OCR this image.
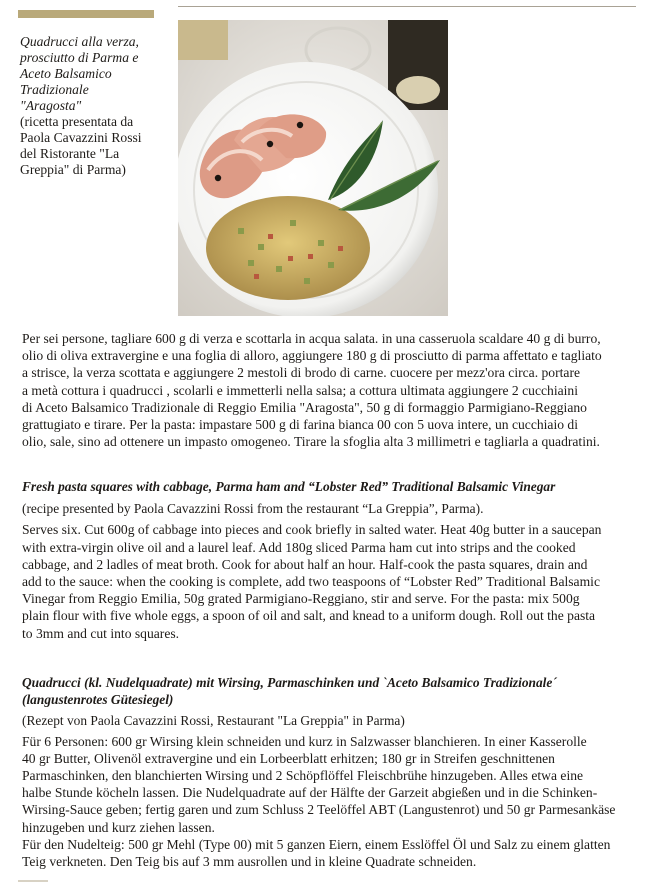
Quadrucci alla verza,
prosciutto di Parma e
Aceto Balsamico
Tradizionale
"Aragosta"
(ricetta presentata da
Paola Cavazzini Rossi
del Ristorante "La
Greppia" di Parma)
Per sei persone, tagliare 600 g di verza e scottarla in acqua salata. in una casseruola scaldare 40 g di burro,
olio di oliva extravergine e una foglia di alloro, aggiungere 180 g di prosciutto di parma affettato e tagliato
a strisce, la verza scottata e aggiungere 2 mestoli di brodo di carne. cuocere per mezz'ora circa. portare
a metà cottura i quadrucci , scolarli e immetterli nella salsa; a cottura ultimata aggiungere 2 cucchiaini
di Aceto Balsamico Tradizionale di Reggio Emilia "Aragosta", 50 g di formaggio Parmigiano-Reggiano
grattugiato e tirare. Per la pasta: impastare 500 g di farina bianca 00 con 5 uova intere, un cucchiaio di
olio, sale, sino ad ottenere un impasto omogeneo. Tirare la sfoglia alta 3 millimetri e tagliarla a quadratini.
Fresh pasta squares with cabbage, Parma ham and “Lobster Red” Traditional Balsamic Vinegar
(recipe presented by Paola Cavazzini Rossi from the restaurant “La Greppia”, Parma).
Serves six. Cut 600g of cabbage into pieces and cook briefly in salted water. Heat 40g butter in a saucepan
with extra-virgin olive oil and a laurel leaf. Add 180g sliced Parma ham cut into strips and the cooked
cabbage, and 2 ladles of meat broth. Cook for about half an hour. Half-cook the pasta squares, drain and
add to the sauce: when the cooking is complete, add two teaspoons of “Lobster Red” Traditional Balsamic
Vinegar from Reggio Emilia, 50g grated Parmigiano-Reggiano, stir and serve. For the pasta: mix 500g
plain flour with five whole eggs, a spoon of oil and salt, and knead to a uniform dough. Roll out the pasta
to 3mm and cut into squares.
Quadrucci (kl. Nudelquadrate) mit Wirsing, Parmaschinken und `Aceto Balsamico Tradizionale´
(langustenrotes Gütesiegel)
(Rezept von Paola Cavazzini Rossi, Restaurant "La Greppia" in Parma)
Für 6 Personen: 600 gr Wirsing klein schneiden und kurz in Salzwasser blanchieren. In einer Kasserolle
40 gr Butter, Olivenöl extravergine und ein Lorbeerblatt erhitzen; 180 gr in Streifen geschnittenen
Parmaschinken, den blanchierten Wirsing und 2 Schöpflöffel Fleischbrühe hinzugeben. Alles etwa eine
halbe Stunde köcheln lassen. Die Nudelquadrate auf der Hälfte der Garzeit abgießen und in die Schinken-
Wirsing-Sauce geben; fertig garen und zum Schluss 2 Teelöffel ABT (Langustenrot) und 50 gr Parmesankäse
hinzugeben und kurz ziehen lassen.
Für den Nudelteig: 500 gr Mehl (Type 00) mit 5 ganzen Eiern, einem Esslöffel Öl und Salz zu einem glatten
Teig verkneten. Den Teig bis auf 3 mm ausrollen und in kleine Quadrate schneiden.
